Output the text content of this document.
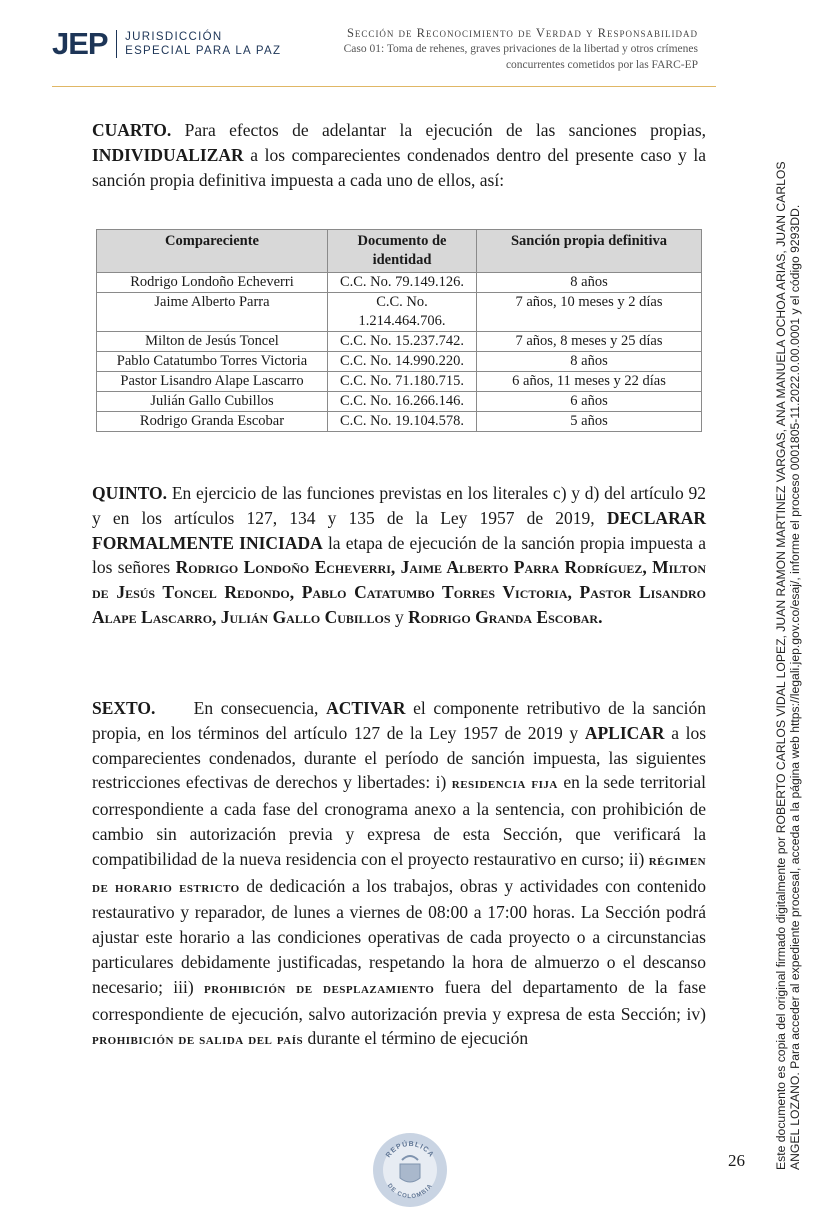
JEP JURISDICCIÓN
ESPECIAL PARA LA PAZ
Sección de Reconocimiento de Verdad y Responsabilidad
Caso 01: Toma de rehenes, graves privaciones de la libertad y otros crímenes
concurrentes cometidos por las FARC-EP
CUARTO. Para efectos de adelantar la ejecución de las sanciones propias, INDIVIDUALIZAR a los comparecientes condenados dentro del presente caso y la sanción propia definitiva impuesta a cada uno de ellos, así:
Compareciente	Documento de identidad	Sanción propia definitiva
Rodrigo Londoño Echeverri	C.C. No. 79.149.126.	8 años
Jaime Alberto Parra	C.C. No. 1.214.464.706.	7 años, 10 meses y 2 días
Milton de Jesús Toncel	C.C. No. 15.237.742.	7 años, 8 meses y 25 días
Pablo Catatumbo Torres Victoria	C.C. No. 14.990.220.	8 años
Pastor Lisandro Alape Lascarro	C.C. No. 71.180.715.	6 años, 11 meses y 22 días
Julián Gallo Cubillos	C.C. No. 16.266.146.	6 años
Rodrigo Granda Escobar	C.C. No. 19.104.578.	5 años
QUINTO. En ejercicio de las funciones previstas en los literales c) y d) del artículo 92 y en los artículos 127, 134 y 135 de la Ley 1957 de 2019, DECLARAR FORMALMENTE INICIADA la etapa de ejecución de la sanción propia impuesta a los señores Rodrigo Londoño Echeverri, Jaime Alberto Parra Rodríguez, Milton de Jesús Toncel Redondo, Pablo Catatumbo Torres Victoria, Pastor Lisandro Alape Lascarro, Julián Gallo Cubillos y Rodrigo Granda Escobar.
SEXTO. En consecuencia, ACTIVAR el componente retributivo de la sanción propia, en los términos del artículo 127 de la Ley 1957 de 2019 y APLICAR a los comparecientes condenados, durante el período de sanción impuesta, las siguientes restricciones efectivas de derechos y libertades: i) residencia fija en la sede territorial correspondiente a cada fase del cronograma anexo a la sentencia, con prohibición de cambio sin autorización previa y expresa de esta Sección, que verificará la compatibilidad de la nueva residencia con el proyecto restaurativo en curso; ii) régimen de horario estricto de dedicación a los trabajos, obras y actividades con contenido restaurativo y reparador, de lunes a viernes de 08:00 a 17:00 horas. La Sección podrá ajustar este horario a las condiciones operativas de cada proyecto o a circunstancias particulares debidamente justificadas, respetando la hora de almuerzo o el descanso necesario; iii) prohibición de desplazamiento fuera del departamento de la fase correspondiente de ejecución, salvo autorización previa y expresa de esta Sección; iv) prohibición de salida del país durante el término de ejecución
REPÚBLICA
DE COLOMBIA
26 Este documento es copia del original firmado digitalmente por ROBERTO CARLOS VIDAL LOPEZ, JUAN RAMON MARTINEZ VARGAS, ANA MANUELA OCHOA ARIAS, JUAN CARLOS ANGEL LOZANO. Para acceder al expediente procesal, acceda a la página web https://legali.jep.gov.co/esaj/, informe el proceso 0001805-11.2022.0.00.0001 y el código 9293DD.
